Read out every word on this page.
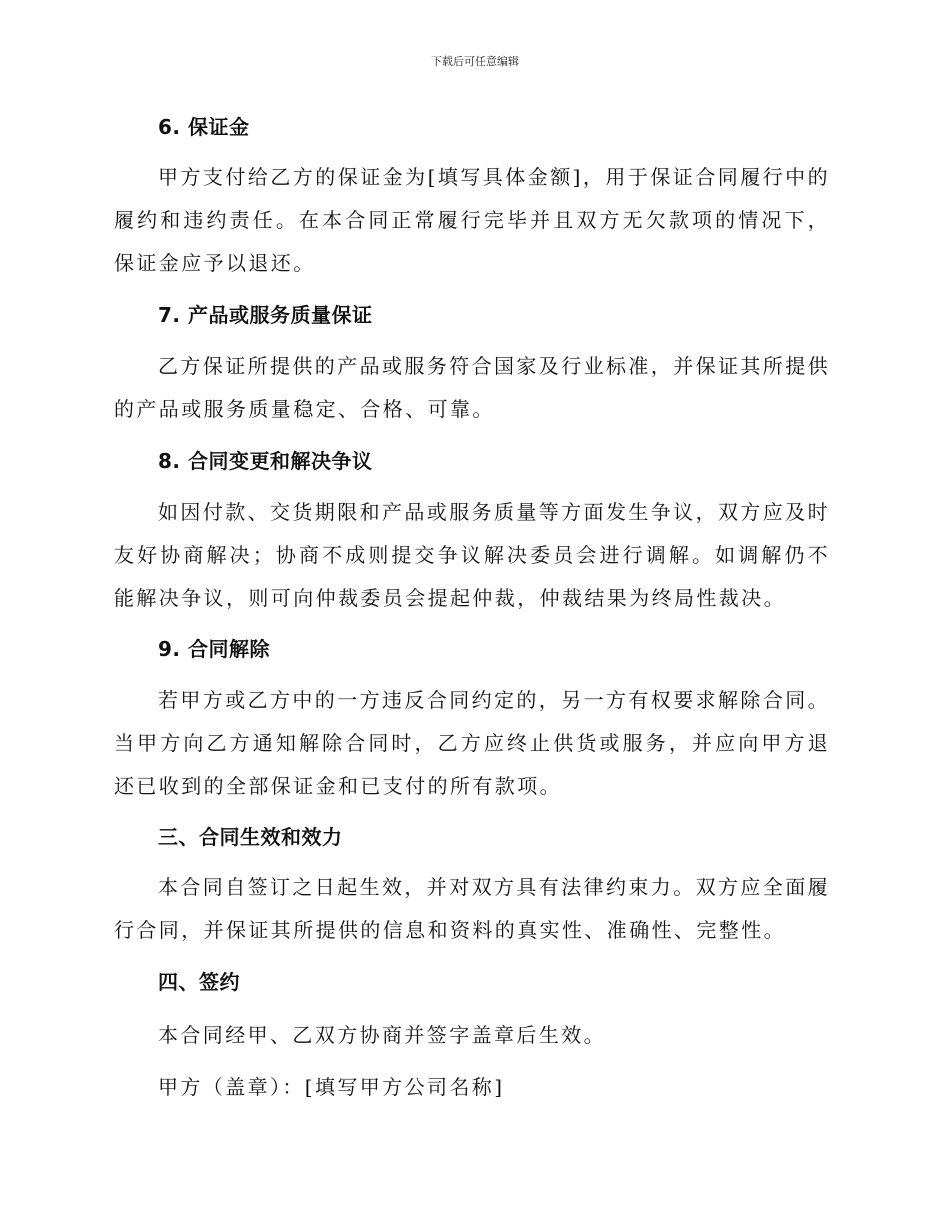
下载后可任意编辑
6. 保证金
甲方支付给乙方的保证金为[填写具体金额]，用于保证合同履行中的履约和违约责任。在本合同正常履行完毕并且双方无欠款项的情况下，保证金应予以退还。
7. 产品或服务质量保证
乙方保证所提供的产品或服务符合国家及行业标准，并保证其所提供的产品或服务质量稳定、合格、可靠。
8. 合同变更和解决争议
如因付款、交货期限和产品或服务质量等方面发生争议，双方应及时友好协商解决；协商不成则提交争议解决委员会进行调解。如调解仍不能解决争议，则可向仲裁委员会提起仲裁，仲裁结果为终局性裁决。
9. 合同解除
若甲方或乙方中的一方违反合同约定的，另一方有权要求解除合同。当甲方向乙方通知解除合同时，乙方应终止供货或服务，并应向甲方退还已收到的全部保证金和已支付的所有款项。
三、合同生效和效力
本合同自签订之日起生效，并对双方具有法律约束力。双方应全面履行合同，并保证其所提供的信息和资料的真实性、准确性、完整性。
四、签约
本合同经甲、乙双方协商并签字盖章后生效。
甲方（盖章）：[填写甲方公司名称]
